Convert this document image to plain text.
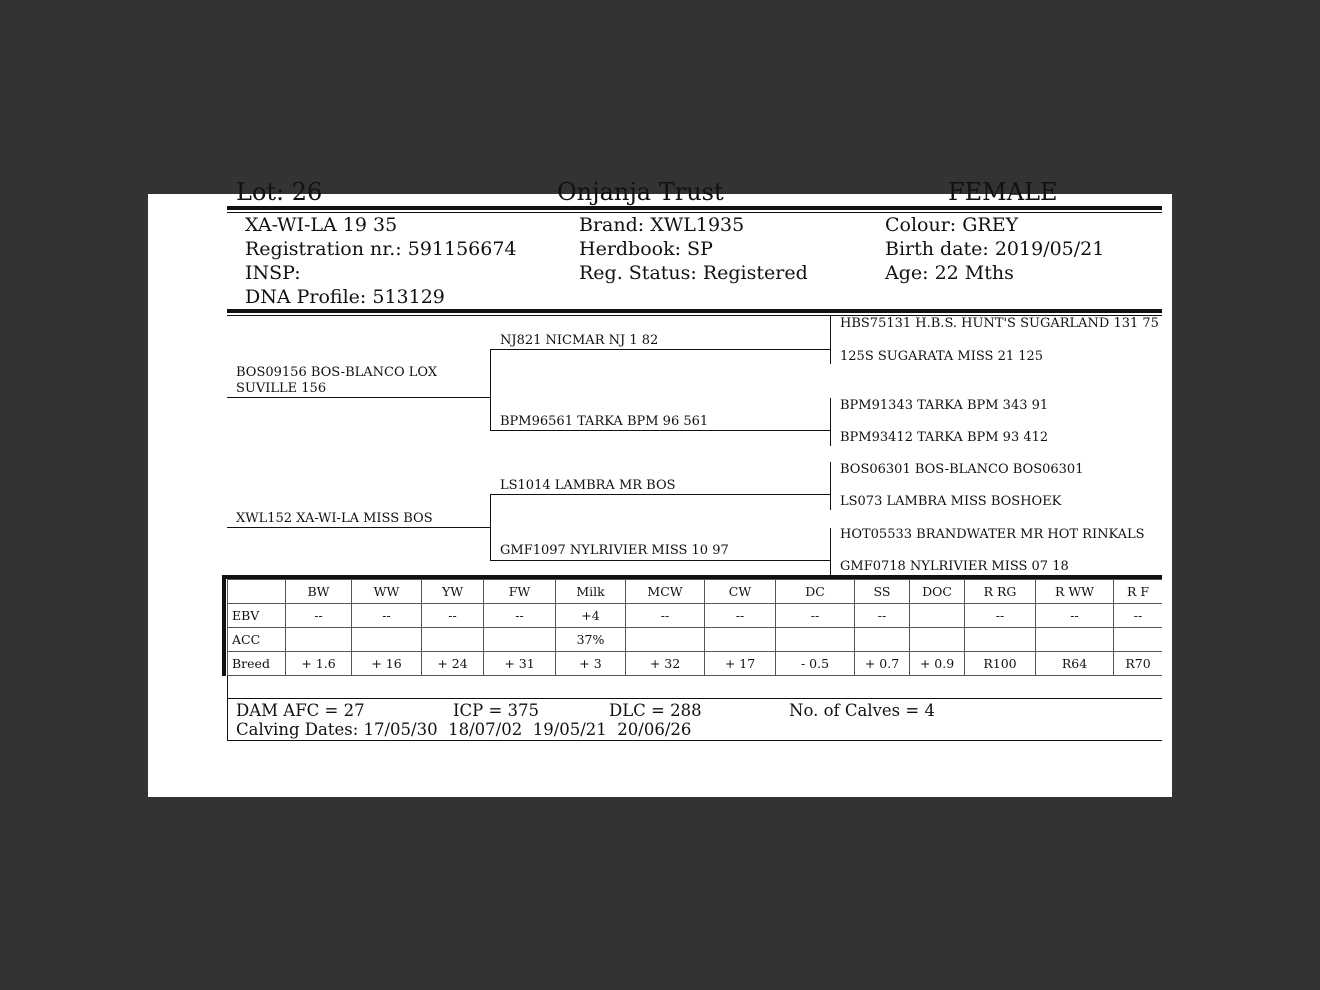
Lot: 26	Onjanja Trust	FEMALE
XA-WI-LA 19 35
Registration nr.: 591156674
INSP:
DNA Profile: 513129
Brand: XWL1935
Herdbook: SP
Reg. Status: Registered
Colour: GREY
Birth date: 2019/05/21
Age: 22 Mths
BOS09156 BOS-BLANCO LOX
SUVILLE 156
XWL152 XA-WI-LA MISS BOS
NJ821 NICMAR NJ 1 82
BPM96561 TARKA BPM 96 561
LS1014 LAMBRA MR BOS
GMF1097 NYLRIVIER MISS 10 97
HBS75131 H.B.S. HUNT'S SUGARLAND 131 75
125S SUGARATA MISS 21 125
BPM91343 TARKA BPM 343 91
BPM93412 TARKA BPM 93 412
BOS06301 BOS-BLANCO BOS06301
LS073 LAMBRA MISS BOSHOEK
HOT05533 BRANDWATER MR HOT RINKALS
GMF0718 NYLRIVIER MISS 07 18
	BW	WW	YW	FW	Milk	MCW	CW	DC	SS	DOC	R RG	R WW	R F
EBV	--	--	--	--	+4	--	--	--	--		--	--	--
ACC					37%								
Breed	+ 1.6	+ 16	+ 24	+ 31	+ 3	+ 32	+ 17	- 0.5	+ 0.7	+ 0.9	R100	R64	R70
DAM AFC = 27	ICP = 375	DLC = 288	No. of Calves = 4
Calving Dates: 17/05/30  18/07/02  19/05/21  20/06/26
